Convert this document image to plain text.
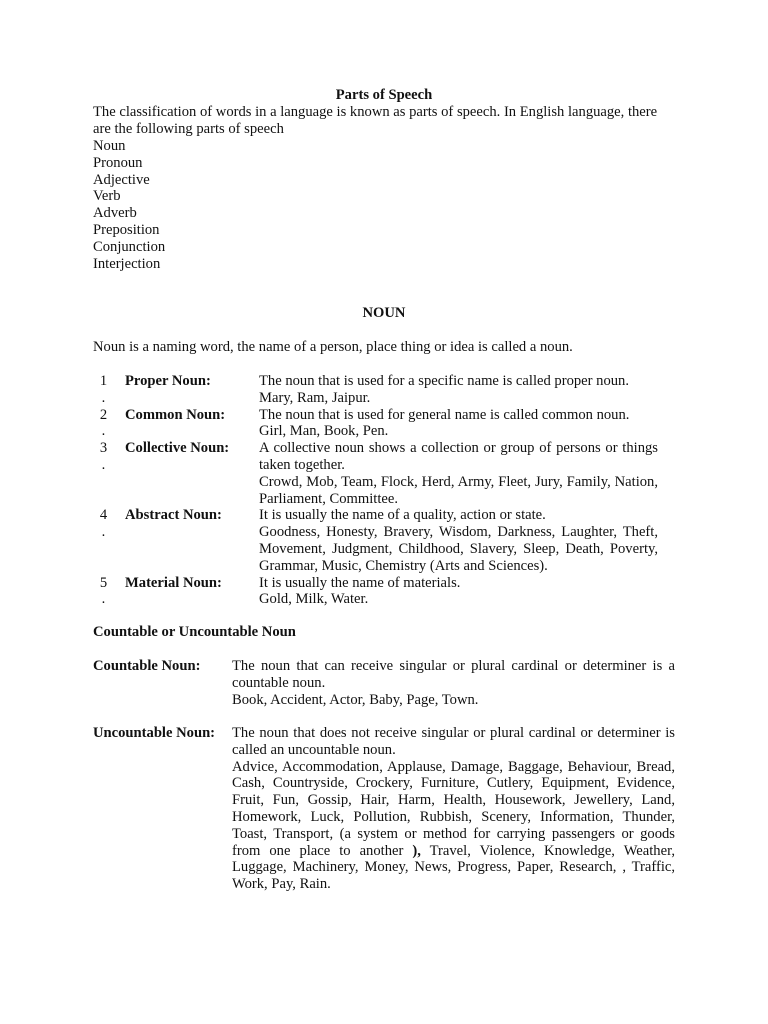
Parts of Speech
The classification of words in a language is known as parts of speech. In English language, there are the following parts of speech
Noun
Pronoun
Adjective
Verb
Adverb
Preposition
Conjunction
Interjection
NOUN
Noun is a naming word, the name of a person, place thing or idea is called a noun.
1
.
Proper Noun:	The noun that is used for a specific name is called proper noun.

Mary, Ram, Jaipur.

2
.
Common Noun:	The noun that is used for general name is called common noun.

Girl, Man, Book, Pen.

3
.
Collective Noun:	A collective noun shows a collection or group of persons or things taken together.

Crowd, Mob, Team, Flock, Herd, Army, Fleet, Jury, Family, Nation, Parliament, Committee.

4
.
Abstract Noun:	It is usually the name of a quality, action or state.

Goodness, Honesty, Bravery, Wisdom, Darkness, Laughter, Theft, Movement, Judgment, Childhood, Slavery, Sleep, Death, Poverty, Grammar, Music, Chemistry (Arts and Sciences).

5
.
Material Noun:	It is usually the name of materials.

Gold, Milk, Water.

Countable or Uncountable Noun
Countable Noun:	The noun that can receive singular or plural cardinal or determiner is a countable noun.

Book, Accident, Actor, Baby, Page, Town.

Uncountable Noun:	The noun that does not receive singular or plural cardinal or determiner is called an uncountable noun.

Advice, Accommodation, Applause, Damage, Baggage, Behaviour, Bread, Cash, Countryside, Crockery, Furniture, Cutlery, Equipment, Evidence, Fruit, Fun, Gossip, Hair, Harm, Health, Housework, Jewellery, Land, Homework, Luck, Pollution, Rubbish, Scenery, Information, Thunder, Toast, Transport, (a system or method for carrying passengers or goods from one place to another ), Travel, Violence, Knowledge, Weather, Luggage, Machinery, Money, News, Progress, Paper, Research, , Traffic, Work, Pay, Rain.
